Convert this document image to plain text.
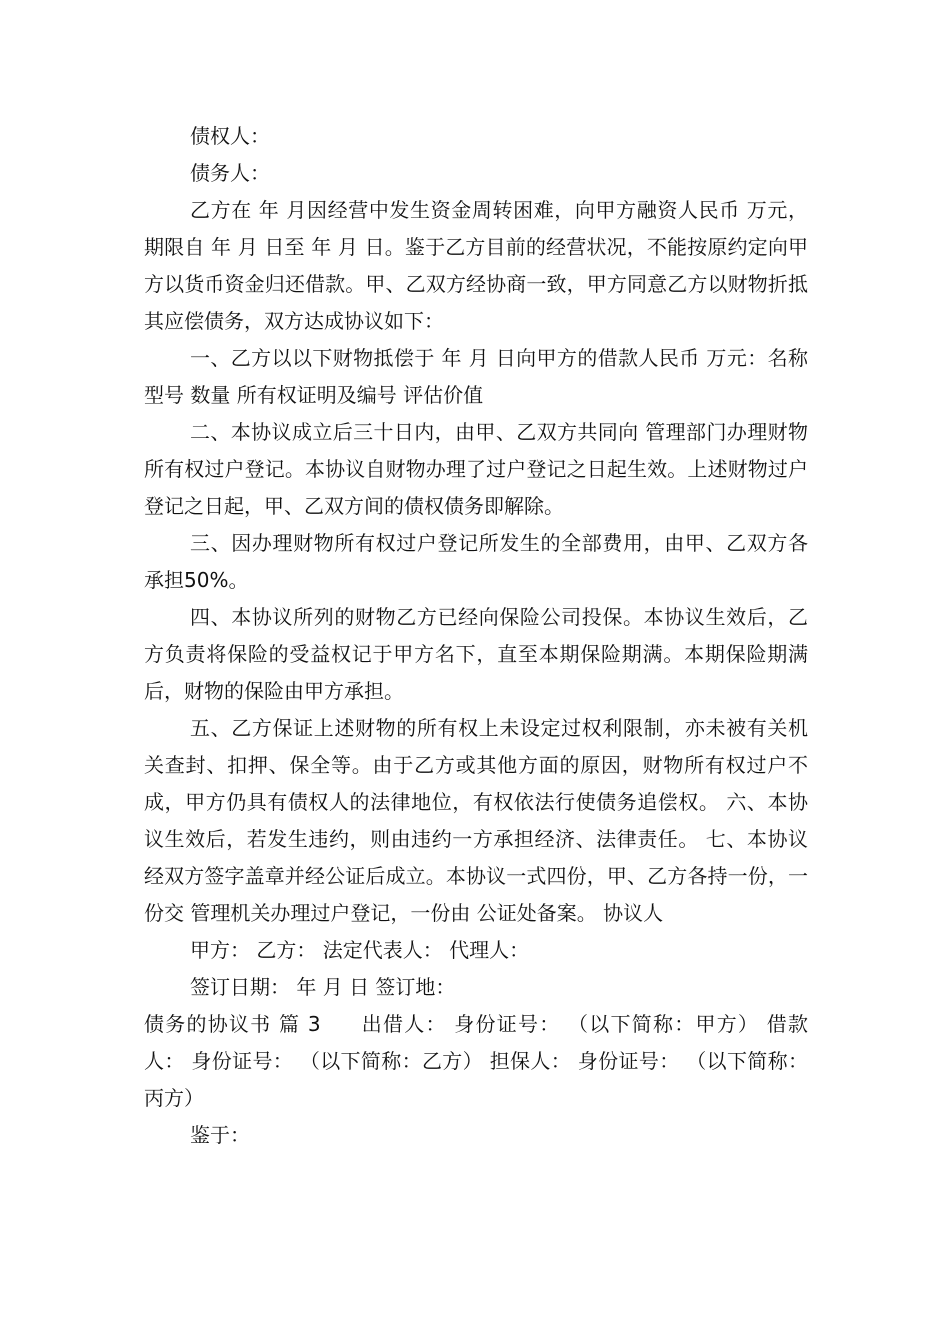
债权人：

债务人：

乙方在 年 月因经营中发生资金周转困难，向甲方融资人民币 万元，期限自 年 月 日至 年 月 日。鉴于乙方目前的经营状况，不能按原约定向甲方以货币资金归还借款。甲、乙双方经协商一致，甲方同意乙方以财物折抵其应偿债务，双方达成协议如下：

一、乙方以以下财物抵偿于 年 月 日向甲方的借款人民币 万元：名称 型号 数量 所有权证明及编号 评估价值

二、本协议成立后三十日内，由甲、乙双方共同向 管理部门办理财物所有权过户登记。本协议自财物办理了过户登记之日起生效。上述财物过户登记之日起，甲、乙双方间的债权债务即解除。

三、因办理财物所有权过户登记所发生的全部费用，由甲、乙双方各承担50%。

四、本协议所列的财物乙方已经向保险公司投保。本协议生效后，乙方负责将保险的受益权记于甲方名下，直至本期保险期满。本期保险期满后，财物的保险由甲方承担。

五、乙方保证上述财物的所有权上未设定过权利限制，亦未被有关机关查封、扣押、保全等。由于乙方或其他方面的原因，财物所有权过户不成，甲方仍具有债权人的法律地位，有权依法行使债务追偿权。 六、本协议生效后，若发生违约，则由违约一方承担经济、法律责任。 七、本协议经双方签字盖章并经公证后成立。本协议一式四份，甲、乙方各持一份，一份交 管理机关办理过户登记，一份由 公证处备案。 协议人

甲方： 乙方： 法定代表人： 代理人：

签订日期： 年 月 日 签订地：

债务的协议书 篇 3 出借人： 身份证号： （以下简称：甲方） 借款人： 身份证号： （以下简称：乙方） 担保人： 身份证号： （以下简称：丙方）

鉴于：
